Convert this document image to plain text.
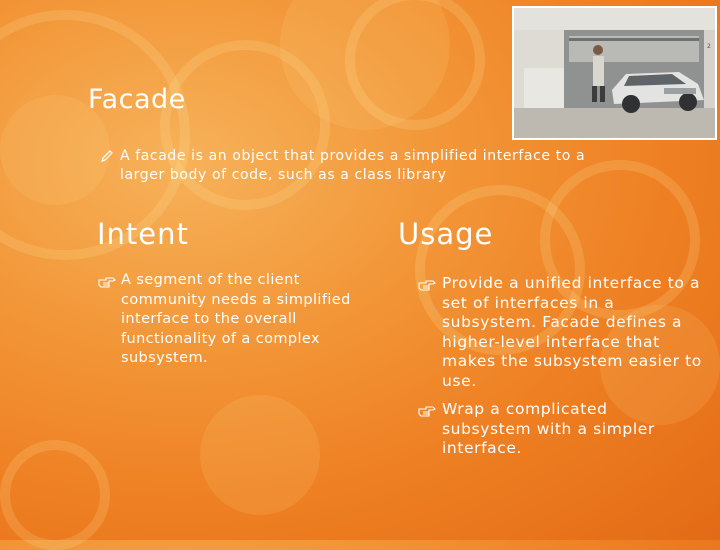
2
Facade
A facade is an object that provides a simplified interface to a larger body of code, such as a class library
Intent
A segment of the client community needs a simplified interface to the overall functionality of a complex subsystem.
Usage
Provide a unified interface to a set of interfaces in a subsystem. Facade defines a higher-level interface that makes the subsystem easier to use.
Wrap a complicated subsystem with a simpler interface.
